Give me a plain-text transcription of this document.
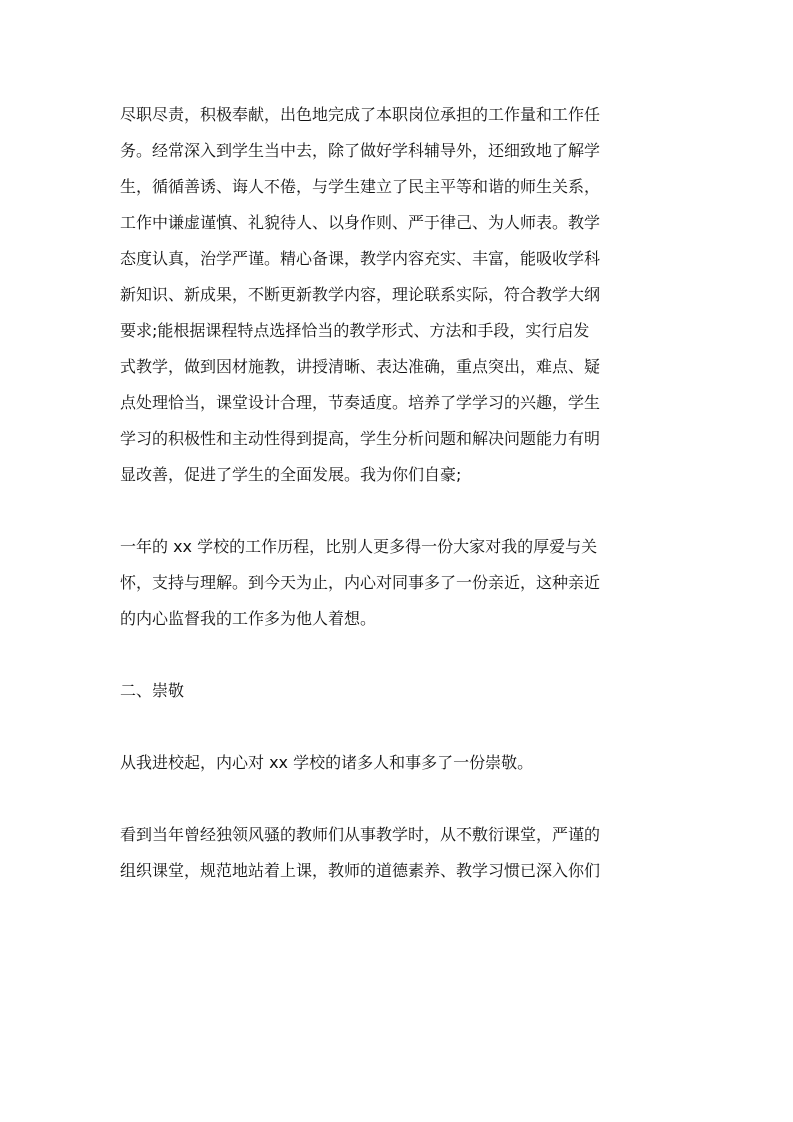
尽职尽责，积极奉献，出色地完成了本职岗位承担的工作量和工作任

务。经常深入到学生当中去，除了做好学科辅导外，还细致地了解学

生，循循善诱、诲人不倦，与学生建立了民主平等和谐的师生关系，

工作中谦虚谨慎、礼貌待人、以身作则、严于律己、为人师表。教学

态度认真，治学严谨。精心备课，教学内容充实、丰富，能吸收学科

新知识、新成果，不断更新教学内容，理论联系实际，符合教学大纲

要求;能根据课程特点选择恰当的教学形式、方法和手段，实行启发

式教学，做到因材施教，讲授清晰、表达准确，重点突出，难点、疑

点处理恰当，课堂设计合理，节奏适度。培养了学学习的兴趣，学生

学习的积极性和主动性得到提高，学生分析问题和解决问题能力有明

显改善，促进了学生的全面发展。我为你们自豪;

一年的 xx 学校的工作历程，比别人更多得一份大家对我的厚爱与关

怀，支持与理解。到今天为止，内心对同事多了一份亲近，这种亲近

的内心监督我的工作多为他人着想。

二、崇敬

从我进校起，内心对 xx 学校的诸多人和事多了一份崇敬。

看到当年曾经独领风骚的教师们从事教学时，从不敷衍课堂，严谨的

组织课堂，规范地站着上课，教师的道德素养、教学习惯已深入你们
